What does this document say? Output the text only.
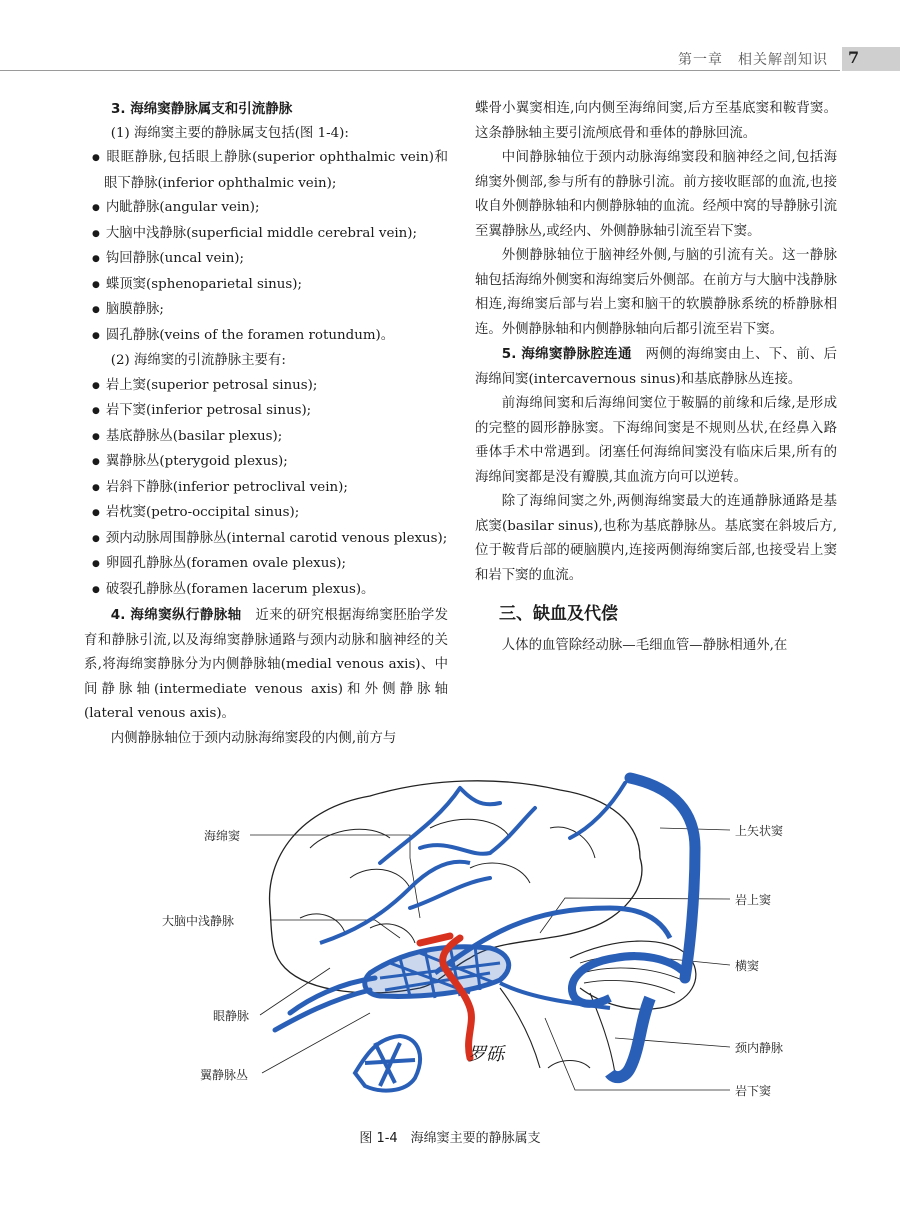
第一章　相关解剖知识 7

3. 海绵窦静脉属支和引流静脉

(1) 海绵窦主要的静脉属支包括(图 1-4):

● 眼眶静脉,包括眼上静脉(superior ophthalmic vein)和眼下静脉(inferior ophthalmic vein);

● 内眦静脉(angular vein);

● 大脑中浅静脉(superficial middle cerebral vein);

● 钩回静脉(uncal vein);

● 蝶顶窦(sphenoparietal sinus);

● 脑膜静脉;

● 圆孔静脉(veins of the foramen rotundum)。

(2) 海绵窦的引流静脉主要有:

● 岩上窦(superior petrosal sinus);

● 岩下窦(inferior petrosal sinus);

● 基底静脉丛(basilar plexus);

● 翼静脉丛(pterygoid plexus);

● 岩斜下静脉(inferior petroclival vein);

● 岩枕窦(petro-occipital sinus);

● 颈内动脉周围静脉丛(internal carotid venous plexus);

● 卵圆孔静脉丛(foramen ovale plexus);

● 破裂孔静脉丛(foramen lacerum plexus)。

4. 海绵窦纵行静脉轴　 近来的研究根据海绵窦胚胎学发育和静脉引流,以及海绵窦静脉通路与颈内动脉和脑神经的关系,将海绵窦静脉分为内侧静脉轴(medial venous axis)、中间静脉轴(intermediate venous axis)和外侧静脉轴(lateral venous axis)。

内侧静脉轴位于颈内动脉海绵窦段的内侧,前方与

蝶骨小翼窦相连,向内侧至海绵间窦,后方至基底窦和鞍背窦。这条静脉轴主要引流颅底骨和垂体的静脉回流。

中间静脉轴位于颈内动脉海绵窦段和脑神经之间,包括海绵窦外侧部,参与所有的静脉引流。前方接收眶部的血流,也接收自外侧静脉轴和内侧静脉轴的血流。经颅中窝的导静脉引流至翼静脉丛,或经内、外侧静脉轴引流至岩下窦。

外侧静脉轴位于脑神经外侧,与脑的引流有关。这一静脉轴包括海绵外侧窦和海绵窦后外侧部。在前方与大脑中浅静脉相连,海绵窦后部与岩上窦和脑干的软膜静脉系统的桥静脉相连。外侧静脉轴和内侧静脉轴向后都引流至岩下窦。

5. 海绵窦静脉腔连通　 两侧的海绵窦由上、下、前、后海绵间窦(intercavernous sinus)和基底静脉丛连接。

前海绵间窦和后海绵间窦位于鞍膈的前缘和后缘,是形成的完整的圆形静脉窦。下海绵间窦是不规则丛状,在经鼻入路垂体手术中常遇到。闭塞任何海绵间窦没有临床后果,所有的海绵间窦都是没有瓣膜,其血流方向可以逆转。

除了海绵间窦之外,两侧海绵窦最大的连通静脉通路是基底窦(basilar sinus),也称为基底静脉丛。基底窦在斜坡后方,位于鞍背后部的硬脑膜内,连接两侧海绵窦后部,也接受岩上窦和岩下窦的血流。

三、缺血及代偿

人体的血管除经动脉—毛细血管—静脉相通外,在

海绵窦
大脑中浅静脉
眼静脉
翼静脉丛
上矢状窦
岩上窦
横窦
颈内静脉
岩下窦
罗砾
图 1-4　海绵窦主要的静脉属支
